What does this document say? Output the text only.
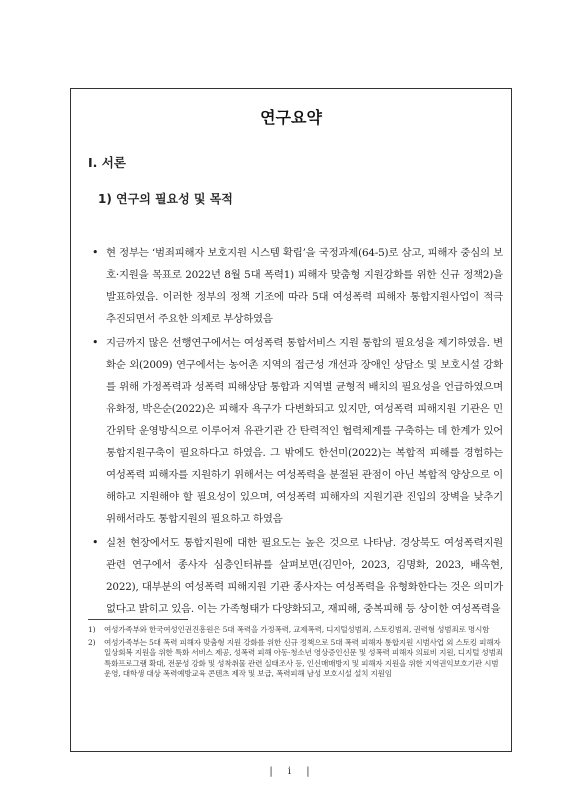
연구요약
Ⅰ. 서론
1) 연구의 필요성 및 목적
• 현 정부는 ‘범죄피해자 보호지원 시스템 확립’을 국정과제(64-5)로 삼고, 피해자 중심의 보호·지원을 목표로 2022년 8월 5대 폭력1) 피해자 맞춤형 지원강화를 위한 신규 정책2)을 발표하였음. 이러한 정부의 정책 기조에 따라 5대 여성폭력 피해자 통합지원사업이 적극 추진되면서 주요한 의제로 부상하였음
• 지금까지 많은 선행연구에서는 여성폭력 통합서비스 지원 통합의 필요성을 제기하였음. 변화순 외(2009) 연구에서는 농어촌 지역의 접근성 개선과 장애인 상담소 및 보호시설 강화를 위해 가정폭력과 성폭력 피해상담 통합과 지역별 균형적 배치의 필요성을 언급하였으며 유화정, 박은순(2022)은 피해자 욕구가 다변화되고 있지만, 여성폭력 피해지원 기관은 민간위탁 운영방식으로 이루어져 유관기관 간 탄력적인 협력체계를 구축하는 데 한계가 있어 통합지원구축이 필요하다고 하였음. 그 밖에도 한선미(2022)는 복합적 피해를 경험하는 여성폭력 피해자를 지원하기 위해서는 여성폭력을 분절된 관점이 아닌 복합적 양상으로 이해하고 지원해야 할 필요성이 있으며, 여성폭력 피해자의 지원기관 진입의 장벽을 낮추기 위해서라도 통합지원의 필요하고 하였음
• 실천 현장에서도 통합지원에 대한 필요도는 높은 것으로 나타남. 경상북도 여성폭력지원 관련 연구에서 종사자 심층인터뷰를 살펴보면(김민아, 2023, 김명화, 2023, 배옥현, 2022), 대부분의 여성폭력 피해지원 기관 종사자는 여성폭력을 유형화한다는 것은 의미가 없다고 밝히고 있음. 이는 가족형태가 다양화되고, 재피해, 중복피해 등 상이한 여성폭력을
1) 여성가족부와 한국여성인권진흥원은 5대 폭력을 가정폭력, 교제폭력, 디지털성범죄, 스토킹범죄, 권력형 성범죄로 명시함
2) 여성가족부는 5대 폭력 피해자 맞춤형 지원 강화를 위한 신규 정책으로 5대 폭력 피해자 통합지원 시범사업 외 스토킹 피해자 일상회복 지원을 위한 특화 서비스 제공, 성폭력 피해 아동·청소년 영상증인신문 및 성폭력 피해자 의료비 지원, 디지털 성범죄 특화프로그램 확대, 전문성 강화 및 성착취물 관련 실태조사 등, 인신매매방지 및 피해자 지원을 위한 지역권익보호기관 시범운영, 대학생 대상 폭력예방교육 콘텐츠 제작 및 보급, 폭력피해 남성 보호시설 설치 지원임
| i |
